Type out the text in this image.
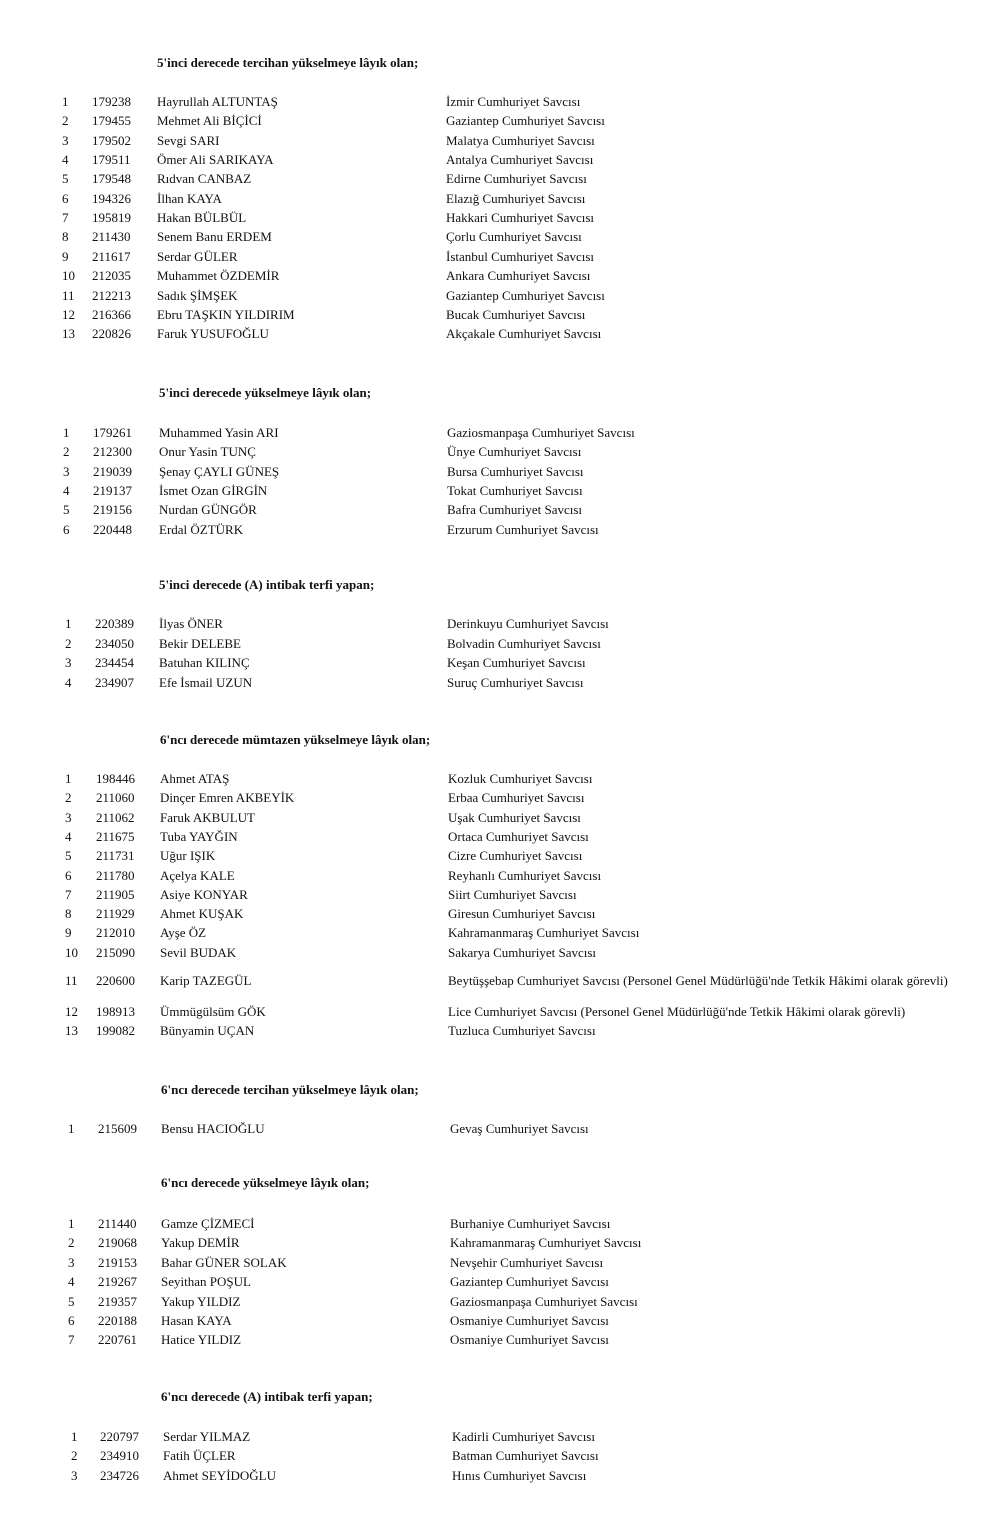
5'inci derecede tercihan yükselmeye lâyık olan;
1	179238 Hayrullah ALTUNTAŞ	İzmir Cumhuriyet Savcısı
2	179455 Mehmet Ali BİÇİCİ	Gaziantep Cumhuriyet Savcısı
3	179502 Sevgi SARI	Malatya Cumhuriyet Savcısı
4	179511 Ömer Ali SARIKAYA	Antalya Cumhuriyet Savcısı
5	179548 Rıdvan CANBAZ	Edirne Cumhuriyet Savcısı
6	194326 İlhan KAYA	Elazığ Cumhuriyet Savcısı
7	195819 Hakan BÜLBÜL	Hakkari Cumhuriyet Savcısı
8	211430 Senem Banu ERDEM	Çorlu Cumhuriyet Savcısı
9	211617 Serdar GÜLER	İstanbul Cumhuriyet Savcısı
10	212035 Muhammet ÖZDEMİR	Ankara Cumhuriyet Savcısı
11	212213 Sadık ŞİMŞEK	Gaziantep Cumhuriyet Savcısı
12	216366 Ebru TAŞKIN YILDIRIM	Bucak Cumhuriyet Savcısı
13	220826 Faruk YUSUFOĞLU	Akçakale Cumhuriyet Savcısı
5'inci derecede yükselmeye lâyık olan;
1	179261 Muhammed Yasin ARI	Gaziosmanpaşa Cumhuriyet Savcısı
2	212300 Onur Yasin TUNÇ	Ünye Cumhuriyet Savcısı
3	219039 Şenay ÇAYLI GÜNEŞ	Bursa Cumhuriyet Savcısı
4	219137 İsmet Ozan GİRGİN	Tokat Cumhuriyet Savcısı
5	219156 Nurdan GÜNGÖR	Bafra Cumhuriyet Savcısı
6	220448 Erdal ÖZTÜRK	Erzurum Cumhuriyet Savcısı
5'inci derecede (A) intibak terfi yapan;
1	220389 İlyas ÖNER	Derinkuyu Cumhuriyet Savcısı
2	234050 Bekir DELEBE	Bolvadin Cumhuriyet Savcısı
3	234454 Batuhan KILINÇ	Keşan Cumhuriyet Savcısı
4	234907 Efe İsmail UZUN	Suruç Cumhuriyet Savcısı
6'ncı derecede mümtazen yükselmeye lâyık olan;
1	198446 Ahmet ATAŞ	Kozluk Cumhuriyet Savcısı
2	211060 Dinçer Emren AKBEYİK	Erbaa Cumhuriyet Savcısı
3	211062 Faruk AKBULUT	Uşak Cumhuriyet Savcısı
4	211675 Tuba YAYĞIN	Ortaca Cumhuriyet Savcısı
5	211731 Uğur IŞIK	Cizre Cumhuriyet Savcısı
6	211780 Açelya KALE	Reyhanlı Cumhuriyet Savcısı
7	211905 Asiye KONYAR	Siirt Cumhuriyet Savcısı
8	211929 Ahmet KUŞAK	Giresun Cumhuriyet Savcısı
9	212010 Ayşe ÖZ	Kahramanmaraş Cumhuriyet Savcısı
10	215090 Sevil BUDAK	Sakarya Cumhuriyet Savcısı
11	220600 Karip TAZEGÜL	Beytüşşebap Cumhuriyet Savcısı (Personel Genel Müdürlüğü'nde Tetkik Hâkimi olarak görevli)
12	198913 Ümmügülsüm GÖK	Lice Cumhuriyet Savcısı (Personel Genel Müdürlüğü'nde Tetkik Hâkimi olarak görevli)
13	199082 Bünyamin UÇAN	Tuzluca Cumhuriyet Savcısı
6'ncı derecede tercihan yükselmeye lâyık olan;
1	215609 Bensu HACIOĞLU	Gevaş Cumhuriyet Savcısı
6'ncı derecede yükselmeye lâyık olan;
1	211440 Gamze ÇİZMECİ	Burhaniye Cumhuriyet Savcısı
2	219068 Yakup DEMİR	Kahramanmaraş Cumhuriyet Savcısı
3	219153 Bahar GÜNER SOLAK	Nevşehir Cumhuriyet Savcısı
4	219267 Seyithan POŞUL	Gaziantep Cumhuriyet Savcısı
5	219357 Yakup YILDIZ	Gaziosmanpaşa Cumhuriyet Savcısı
6	220188 Hasan KAYA	Osmaniye Cumhuriyet Savcısı
7	220761 Hatice YILDIZ	Osmaniye Cumhuriyet Savcısı
6'ncı derecede (A) intibak terfi yapan;
1	220797 Serdar YILMAZ	Kadirli Cumhuriyet Savcısı
2	234910 Fatih ÜÇLER	Batman Cumhuriyet Savcısı
3	234726 Ahmet SEYİDOĞLU	Hınıs Cumhuriyet Savcısı
